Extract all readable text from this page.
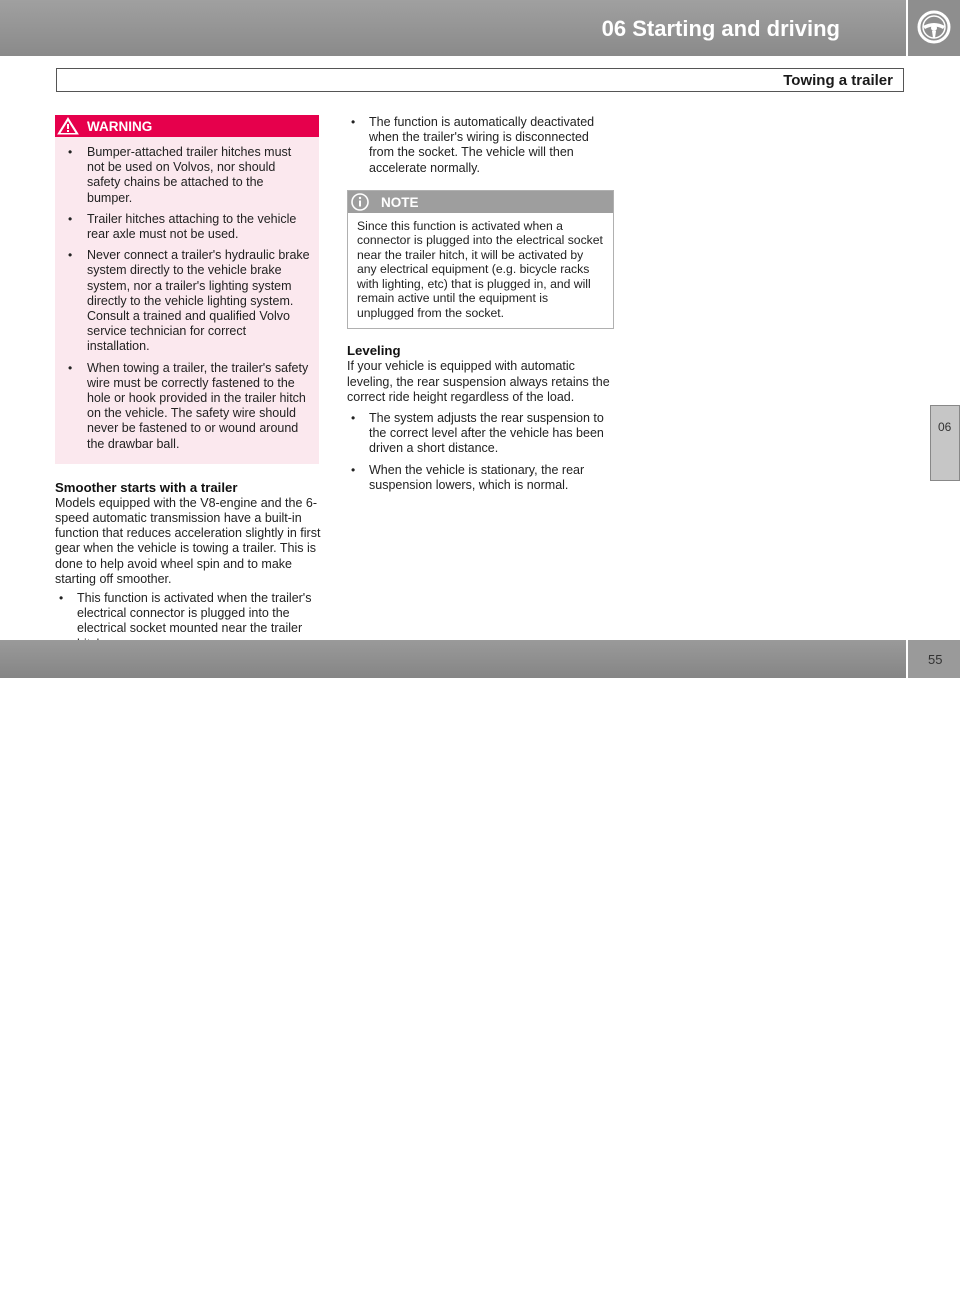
06 Starting and driving
Towing a trailer
WARNING
• Bumper-attached trailer hitches must not be used on Volvos, nor should safety chains be attached to the bumper.
• Trailer hitches attaching to the vehicle rear axle must not be used.
• Never connect a trailer's hydraulic brake system directly to the vehicle brake system, nor a trailer's lighting system directly to the vehicle lighting system. Consult a trained and qualified Volvo service technician for correct installation.
• When towing a trailer, the trailer's safety wire must be correctly fastened to the hole or hook provided in the trailer hitch on the vehicle. The safety wire should never be fastened to or wound around the drawbar ball.

Smoother starts with a trailer

Models equipped with the V8-engine and the 6-speed automatic transmission have a built-in function that reduces acceleration slightly in first gear when the vehicle is towing a trailer. This is done to help avoid wheel spin and to make starting off smoother.

• This function is activated when the trailer's electrical connector is plugged into the electrical socket mounted near the trailer
• The function is automatically deactivated when the trailer's wiring is disconnected from the socket. The vehicle will then accelerate normally.
NOTE

Since this function is activated when a connector is plugged into the electrical socket near the trailer hitch, it will be activated by any electrical equipment (e.g. bicycle racks with lighting, etc) that is plugged in, and will remain active until the equipment is unplugged from the socket.

Leveling

If your vehicle is equipped with automatic leveling, the rear suspension always retains the correct ride height regardless of the load.

• The system adjusts the rear suspension to the correct level after the vehicle has been driven a short distance.
• When the vehicle is stationary, the rear suspension lowers, which is normal.
06
carmanualsonline.info
55
